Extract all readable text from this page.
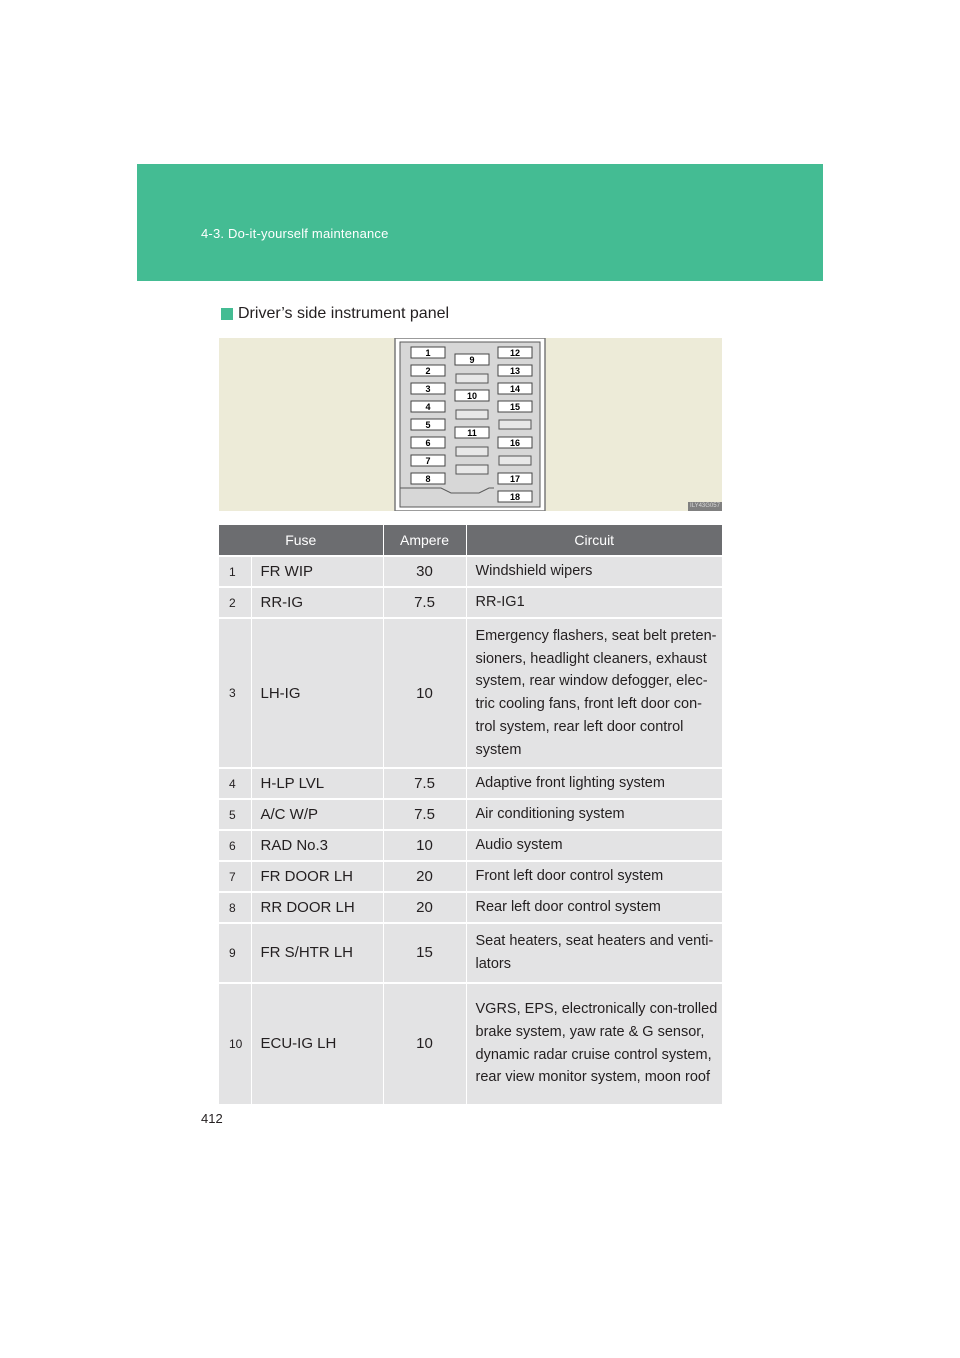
4-3. Do-it-yourself maintenance
Driver’s side instrument panel
1
2
3
4
5
6
7
8
9
10
11
12
13
14
15
16
17
18
ILY43G057
Fuse		Ampere	Circuit
1	FR WIP	30	Windshield wipers
2	RR-IG	7.5	RR-IG1
3	LH-IG	10	Emergency flashers, seat belt preten-sioners, headlight cleaners, exhaust system, rear window defogger, elec-tric cooling fans, front left door con-trol system, rear left door control system
4	H-LP LVL	7.5	Adaptive front lighting system
5	A/C W/P	7.5	Air conditioning system
6	RAD No.3	10	Audio system
7	FR DOOR LH	20	Front left door control system
8	RR DOOR LH	20	Rear left door control system
9	FR S/HTR LH	15	Seat heaters, seat heaters and venti-lators
10	ECU-IG LH	10	VGRS, EPS, electronically con-trolled brake system, yaw rate & G sensor, dynamic radar cruise control system, rear view monitor system, moon roof
412
